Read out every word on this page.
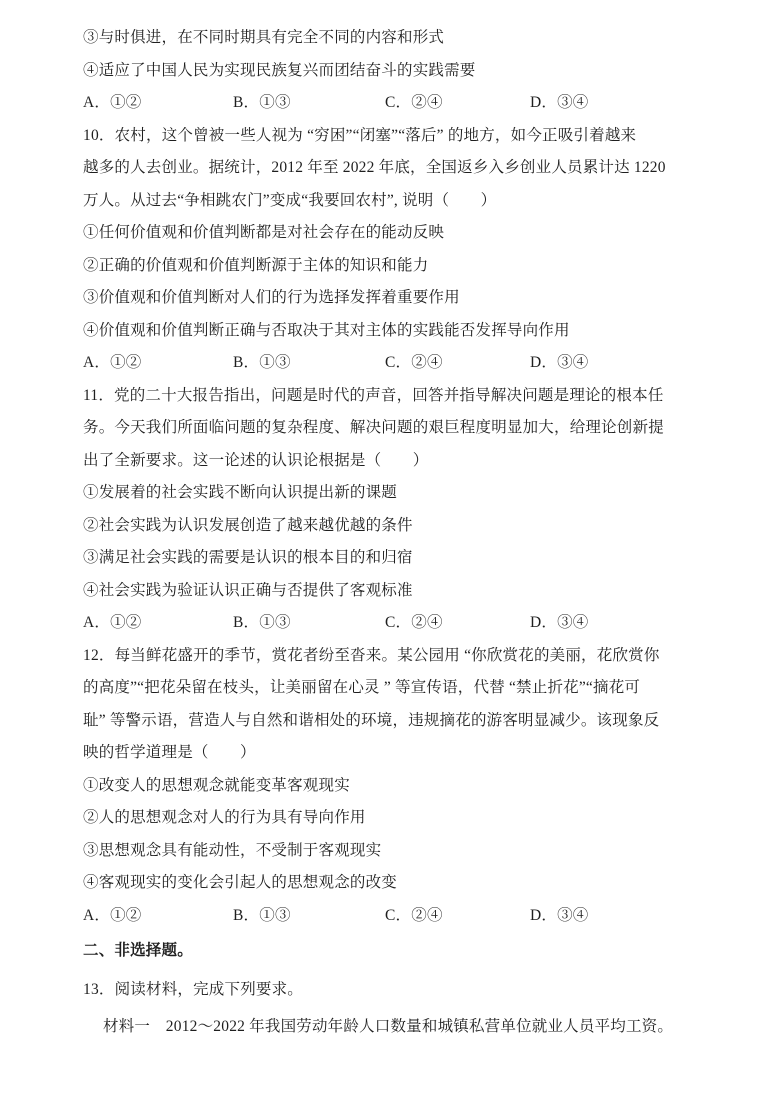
③与时俱进，在不同时期具有完全不同的内容和形式
④适应了中国人民为实现民族复兴而团结奋斗的实践需要

A．①②

	B．①③

	C．②④

	D．③④

10．农村，这个曾被一些人视为 “穷困”“闭塞”“落后” 的地方，如今正吸引着越来
越多的人去创业。据统计，2012 年至 2022 年底，全国返乡入乡创业人员累计达 1220
万人。从过去“争相跳农门”变成“我要回农村”, 说明（　　）
①任何价值观和价值判断都是对社会存在的能动反映
②正确的价值观和价值判断源于主体的知识和能力
③价值观和价值判断对人们的行为选择发挥着重要作用
④价值观和价值判断正确与否取决于其对主体的实践能否发挥导向作用

A．①②

	B．①③

	C．②④

	D．③④

11．党的二十大报告指出，问题是时代的声音，回答并指导解决问题是理论的根本任
务。今天我们所面临问题的复杂程度、解决问题的艰巨程度明显加大，给理论创新提
出了全新要求。这一论述的认识论根据是（　　）
①发展着的社会实践不断向认识提出新的课题
②社会实践为认识发展创造了越来越优越的条件
③满足社会实践的需要是认识的根本目的和归宿
④社会实践为验证认识正确与否提供了客观标准

A．①②

	B．①③

	C．②④

	D．③④

12．每当鲜花盛开的季节，赏花者纷至沓来。某公园用 “你欣赏花的美丽，花欣赏你
的高度”“把花朵留在枝头，让美丽留在心灵 ” 等宣传语，代替 “禁止折花”“摘花可
耻” 等警示语，营造人与自然和谐相处的环境，违规摘花的游客明显减少。该现象反
映的哲学道理是（　　）
①改变人的思想观念就能变革客观现实
②人的思想观念对人的行为具有导向作用
③思想观念具有能动性，不受制于客观现实
④客观现实的变化会引起人的思想观念的改变

A．①②

	B．①③

	C．②④

	D．③④

二、非选择题。
13．阅读材料，完成下列要求。
材料一　2012～2022 年我国劳动年龄人口数量和城镇私营单位就业人员平均工资。
